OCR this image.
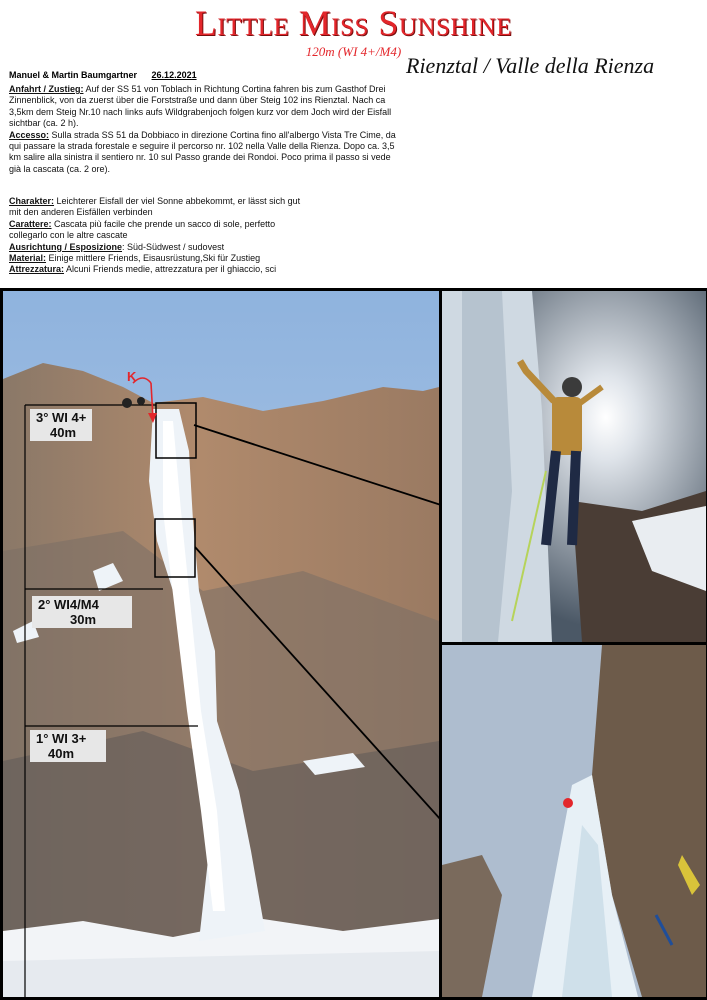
Little Miss Sunshine
120m (WI 4+/M4)
Rienztal / Valle della Rienza
Manuel & Martin Baumgartner 26.12.2021
Anfahrt / Zustieg: Auf der SS 51 von Toblach in Richtung Cortina fahren bis zum Gasthof Drei Zinnenblick, von da zuerst über die Forststraße und dann über Steig 102 ins Rienztal. Nach ca 3,5km dem Steig Nr.10 nach links aufs Wildgrabenjoch folgen kurz vor dem Joch wird der Eisfall sichtbar (ca. 2 h).
Accesso: Sulla strada SS 51 da Dobbiaco in direzione Cortina fino all'albergo Vista Tre Cime, da qui passare la strada forestale e seguire il percorso nr. 102 nella Valle della Rienza. Dopo ca. 3,5 km salire alla sinistra il sentiero nr. 10 sul Passo grande dei Rondoi. Poco prima il passo si vede già la cascata (ca. 2 ore).
Charakter: Leichterer Eisfall der viel Sonne abbekommt, er lässt sich gut mit den anderen Eisfällen verbinden
Carattere: Cascata più facile che prende un sacco di sole, perfetto collegarlo con le altre cascate
Ausrichtung / Esposizione: Süd-Südwest / sudovest
Material: Einige mittlere Friends, Eisausrüstung,Ski für Zustieg
Attrezzatura: Alcuni Friends medie, attrezzatura per il ghiaccio, sci
K
3° WI 4+
40m
2° WI4/M4
30m
1° WI 3+
40m
